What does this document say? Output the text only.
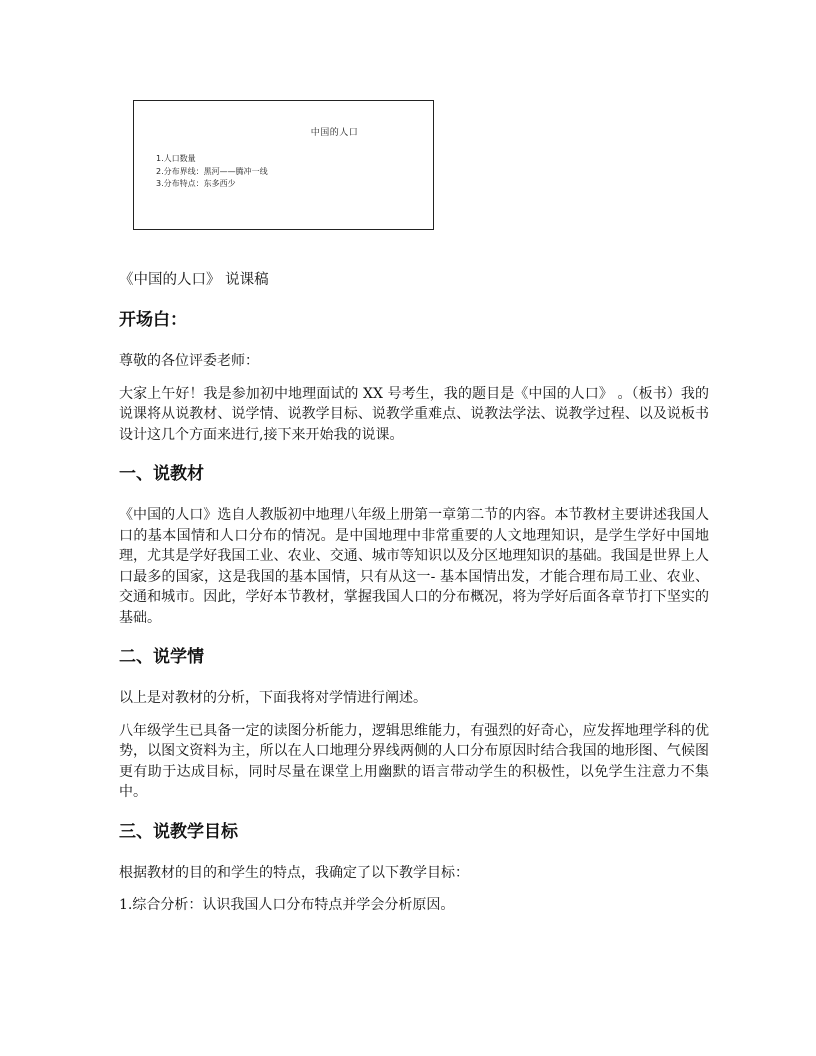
中国的人口
1.人口数量
2.分布界线：黑河——腾冲一线
3.分布特点：东多西少
《中国的人口》 说课稿
开场白：

尊敬的各位评委老师：

大家上午好！我是参加初中地理面试的 XX 号考生，我的题目是《中国的人口》 。（板书）我的说课将从说教材、说学情、说教学目标、说教学重难点、说教法学法、说教学过程、以及说板书设计这几个方面来进行,接下来开始我的说课。

一、说教材

《中国的人口》选自人教版初中地理八年级上册第一章第二节的内容。本节教材主要讲述我国人口的基本国情和人口分布的情况。是中国地理中非常重要的人文地理知识，是学生学好中国地理，尤其是学好我国工业、农业、交通、城市等知识以及分区地理知识的基础。我国是世界上人口最多的国家，这是我国的基本国情，只有从这一- 基本国情出发，才能合理布局工业、农业、交通和城市。因此，学好本节教材，掌握我国人口的分布概况，将为学好后面各章节打下坚实的基础。

二、说学情

以上是对教材的分析，下面我将对学情进行阐述。

八年级学生已具备一定的读图分析能力，逻辑思维能力，有强烈的好奇心，应发挥地理学科的优势，以图文资料为主，所以在人口地理分界线两侧的人口分布原因时结合我国的地形图、气候图更有助于达成目标，同时尽量在课堂上用幽默的语言带动学生的积极性，以免学生注意力不集中。

三、说教学目标

根据教材的目的和学生的特点，我确定了以下教学目标：

1.综合分析：认识我国人口分布特点并学会分析原因。
